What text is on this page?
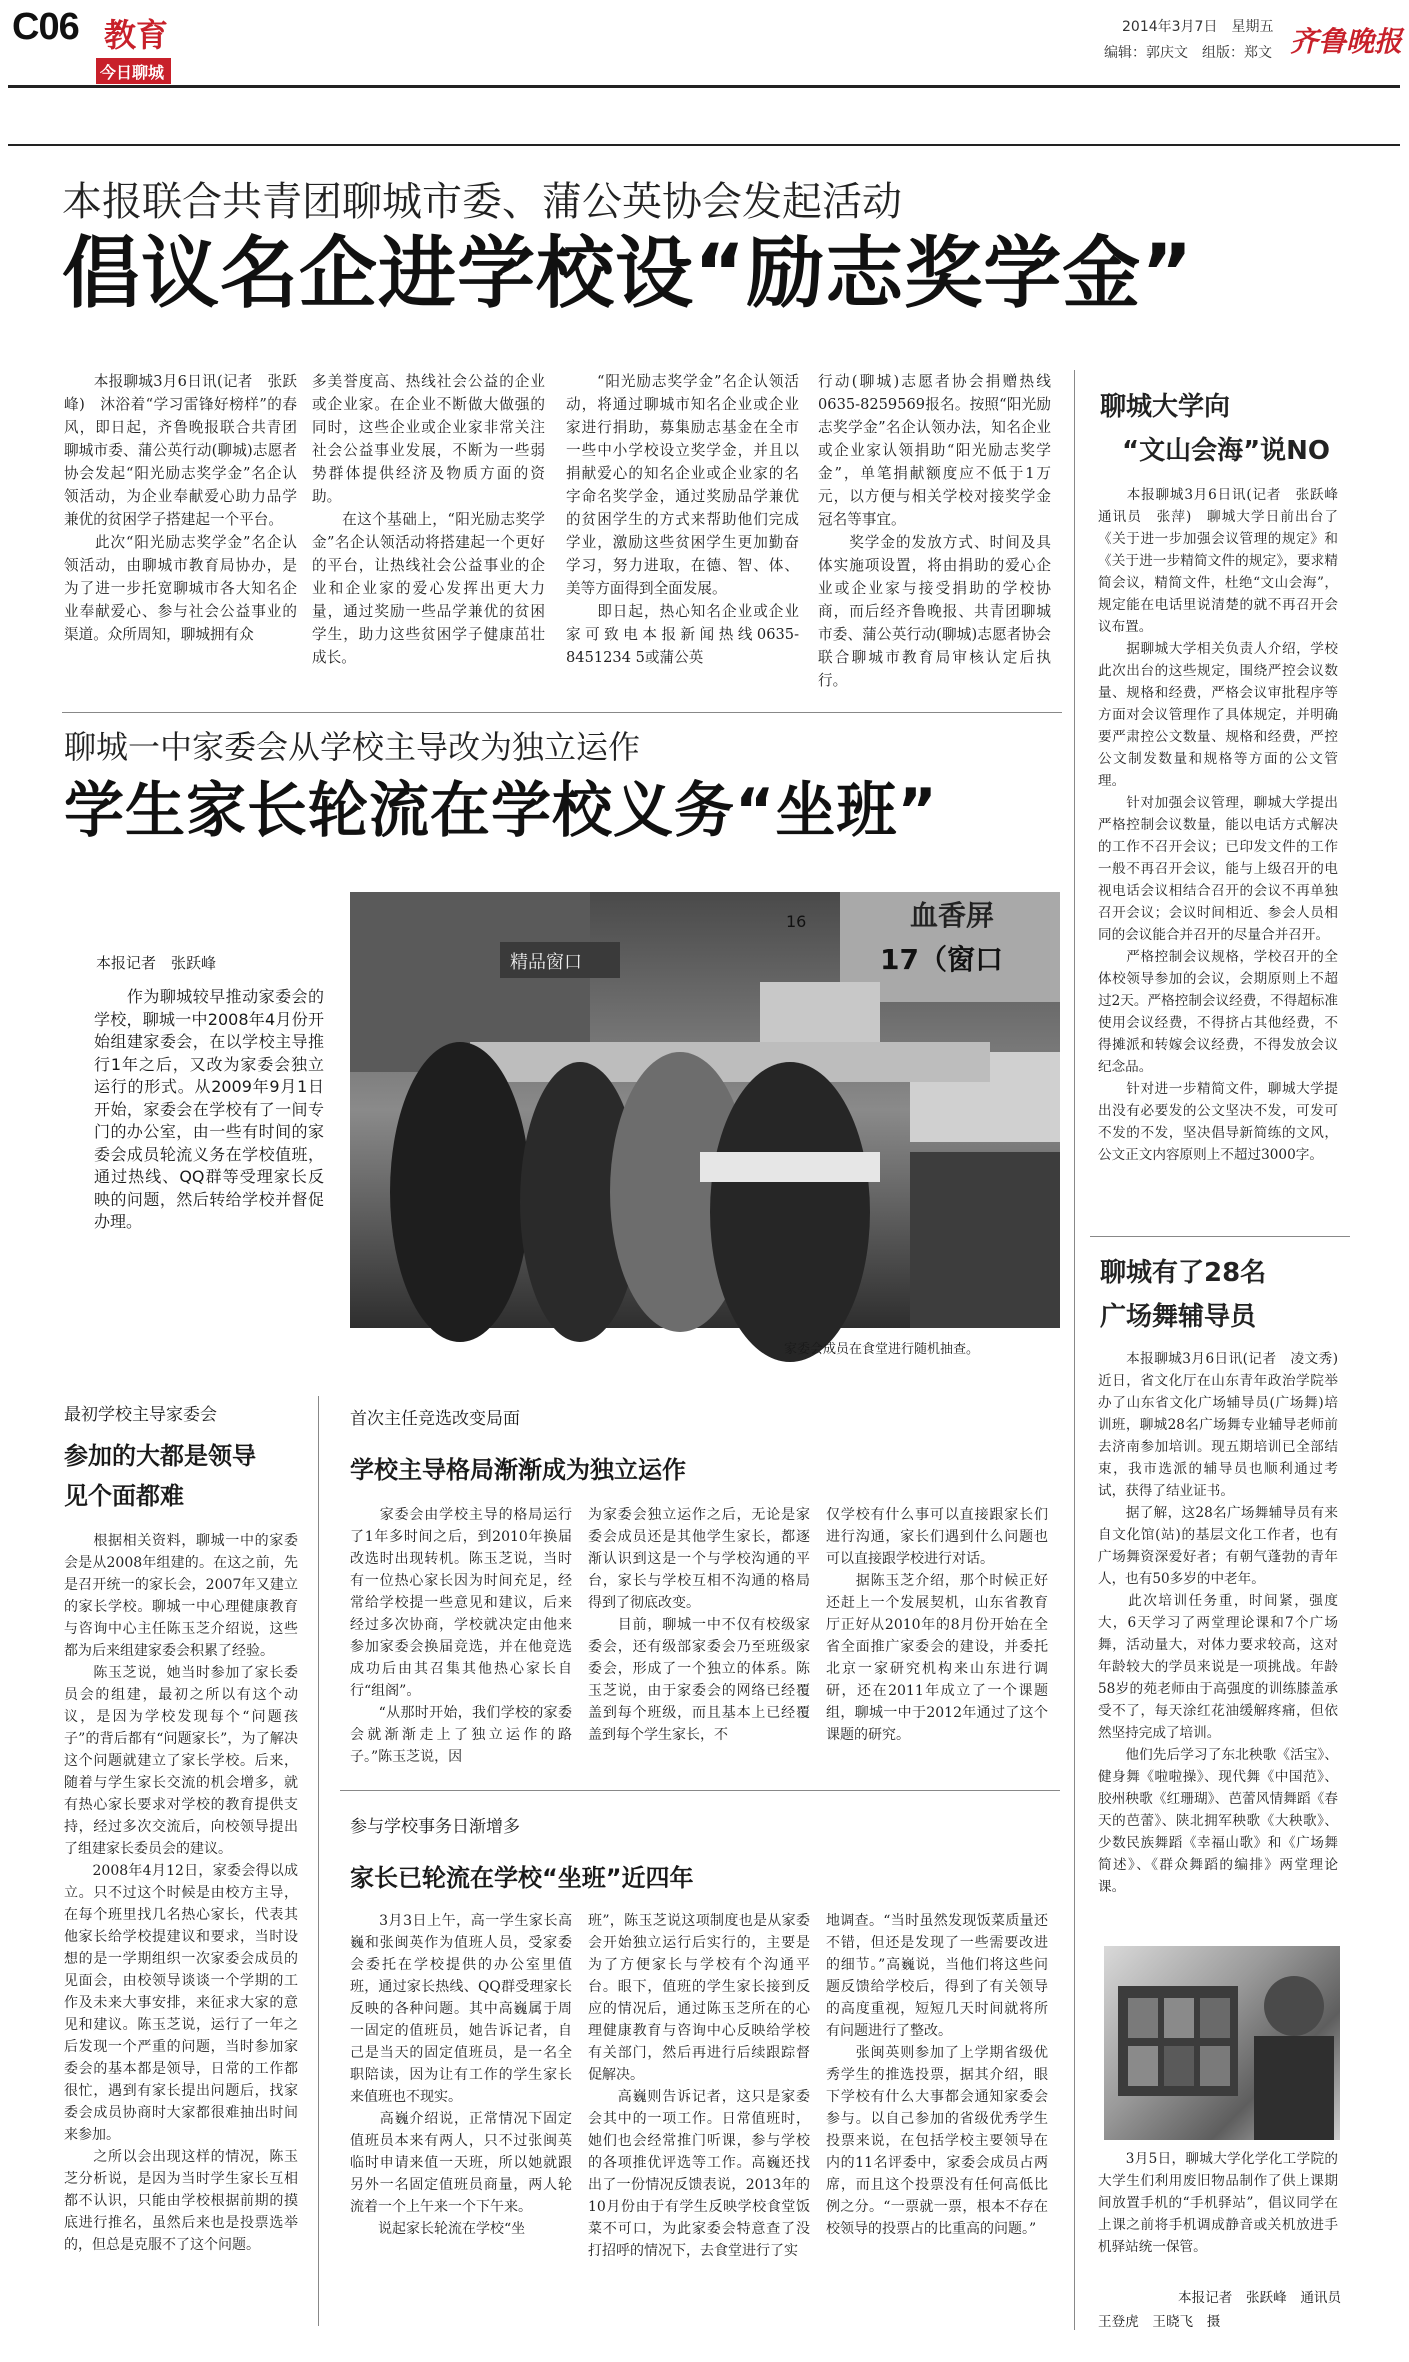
C06 教育
今日聊城
2014年3月7日　星期五
编辑：郭庆文　组版：郑文 齐鲁晚报
本报联合共青团聊城市委、蒲公英协会发起活动
倡议名企进学校设“励志奖学金”
　　本报聊城3月6日讯(记者　张跃峰)　沐浴着“学习雷锋好榜样”的春风，即日起，齐鲁晚报联合共青团聊城市委、蒲公英行动(聊城)志愿者协会发起“阳光励志奖学金”名企认领活动，为企业奉献爱心助力品学兼优的贫困学子搭建起一个平台。
　　此次“阳光励志奖学金”名企认领活动，由聊城市教育局协办，是为了进一步托宽聊城市各大知名企业奉献爱心、参与社会公益事业的渠道。众所周知，聊城拥有众
多美誉度高、热线社会公益的企业或企业家。在企业不断做大做强的同时，这些企业或企业家非常关注社会公益事业发展，不断为一些弱势群体提供经济及物质方面的资助。
　　在这个基础上，“阳光励志奖学金”名企认领活动将搭建起一个更好的平台，让热线社会公益事业的企业和企业家的爱心发挥出更大力量，通过奖励一些品学兼优的贫困学生，助力这些贫困学子健康茁壮成长。
　　“阳光励志奖学金”名企认领活动，将通过聊城市知名企业或企业家进行捐助，募集励志基金在全市一些中小学校设立奖学金，并且以捐献爱心的知名企业或企业家的名字命名奖学金，通过奖励品学兼优的贫困学生的方式来帮助他们完成学业，激励这些贫困学生更加勤奋学习，努力进取，在德、智、体、美等方面得到全面发展。
　　即日起，热心知名企业或企业家可致电本报新闻热线0635-8451234 5或蒲公英
行动(聊城)志愿者协会捐赠热线0635-8259569报名。按照“阳光励志奖学金”名企认领办法，知名企业或企业家认领捐助“阳光励志奖学金”，单笔捐献额度应不低于1万元，以方便与相关学校对接奖学金冠名等事宜。
　　奖学金的发放方式、时间及具体实施项设置，将由捐助的爱心企业或企业家与接受捐助的学校协商，而后经齐鲁晚报、共青团聊城市委、蒲公英行动(聊城)志愿者协会联合聊城市教育局审核认定后执行。
聊城大学向
“文山会海”说NO
　　本报聊城3月6日讯(记者　张跃峰　通讯员　张萍)　聊城大学日前出台了《关于进一步加强会议管理的规定》和《关于进一步精简文件的规定》，要求精简会议，精简文件，杜绝“文山会海”，规定能在电话里说清楚的就不再召开会议布置。
　　据聊城大学相关负责人介绍，学校此次出台的这些规定，围绕严控会议数量、规格和经费，严格会议审批程序等方面对会议管理作了具体规定，并明确要严肃控公文数量、规格和经费，严控公文制发数量和规格等方面的公文管理。
　　针对加强会议管理，聊城大学提出严格控制会议数量，能以电话方式解决的工作不召开会议；已印发文件的工作一般不再召开会议，能与上级召开的电视电话会议相结合召开的会议不再单独召开会议；会议时间相近、参会人员相同的会议能合并召开的尽量合并召开。
　　严格控制会议规格，学校召开的全体校领导参加的会议，会期原则上不超过2天。严格控制会议经费，不得超标准使用会议经费，不得挤占其他经费，不得摊派和转嫁会议经费，不得发放会议纪念品。
　　针对进一步精简文件，聊城大学提出没有必要发的公文坚决不发，可发可不发的不发，坚决倡导新简练的文风，公文正文内容原则上不超过3000字。
聊城有了28名
广场舞辅导员
　　本报聊城3月6日讯(记者　凌文秀)　近日，省文化厅在山东青年政治学院举办了山东省文化广场辅导员(广场舞)培训班，聊城28名广场舞专业辅导老师前去济南参加培训。现五期培训已全部结束，我市选派的辅导员也顺利通过考试，获得了结业证书。
　　据了解，这28名广场舞辅导员有来自文化馆(站)的基层文化工作者，也有广场舞资深爱好者；有朝气蓬勃的青年人，也有50多岁的中老年。
　　此次培训任务重，时间紧，强度大，6天学习了两堂理论课和7个广场舞，活动量大，对体力要求较高，这对年龄较大的学员来说是一项挑战。年龄58岁的苑老师由于高强度的训练膝盖承受不了，每天涂红花油缓解疼痛，但依然坚持完成了培训。
　　他们先后学习了东北秧歌《活宝》、健身舞《啦啦操》、现代舞《中国范》、胶州秧歌《红珊瑚》、芭蕾风情舞蹈《春天的芭蕾》、陕北拥军秧歌《大秧歌》、少数民族舞蹈《幸福山歌》和《广场舞简述》、《群众舞蹈的编排》两堂理论课。
　　3月5日，聊城大学化学化工学院的大学生们利用废旧物品制作了供上课期间放置手机的“手机驿站”，倡议同学在上课之前将手机调成静音或关机放进手机驿站统一保管。
本报记者　张跃峰　通讯员
王登虎　王晓飞　摄
聊城一中家委会从学校主导改为独立运作
学生家长轮流在学校义务“坐班”
本报记者　张跃峰
　　作为聊城较早推动家委会的学校，聊城一中2008年4月份开始组建家委会，在以学校主导推行1年之后，又改为家委会独立运行的形式。从2009年9月1日开始，家委会在学校有了一间专门的办公室，由一些有时间的家委会成员轮流义务在学校值班，通过热线、QQ群等受理家长反映的问题，然后转给学校并督促办理。
精品窗口	17（窗口
血香屏
16
家委会成员在食堂进行随机抽查。
最初学校主导家委会
参加的大都是领导
见个面都难
　　根据相关资料，聊城一中的家委会是从2008年组建的。在这之前，先是召开统一的家长会，2007年又建立的家长学校。聊城一中心理健康教育与咨询中心主任陈玉芝介绍说，这些都为后来组建家委会积累了经验。
　　陈玉芝说，她当时参加了家长委员会的组建，最初之所以有这个动议，是因为学校发现每个“问题孩子”的背后都有“问题家长”，为了解决这个问题就建立了家长学校。后来，随着与学生家长交流的机会增多，就有热心家长要求对学校的教育提供支持，经过多次交流后，向校领导提出了组建家长委员会的建议。
　　2008年4月12日，家委会得以成立。只不过这个时候是由校方主导，在每个班里找几名热心家长，代表其他家长给学校提建议和要求，当时设想的是一学期组织一次家委会成员的见面会，由校领导谈谈一个学期的工作及未来大事安排，来征求大家的意见和建议。陈玉芝说，运行了一年之后发现一个严重的问题，当时参加家委会的基本都是领导，日常的工作都很忙，遇到有家长提出问题后，找家委会成员协商时大家都很难抽出时间来参加。
　　之所以会出现这样的情况，陈玉芝分析说，是因为当时学生家长互相都不认识，只能由学校根据前期的摸底进行推名，虽然后来也是投票选举的，但总是克服不了这个问题。
首次主任竞选改变局面
学校主导格局渐渐成为独立运作
　　家委会由学校主导的格局运行了1年多时间之后，到2010年换届改选时出现转机。陈玉芝说，当时有一位热心家长因为时间充足，经常给学校提一些意见和建议，后来经过多次协商，学校就决定由他来参加家委会换届竞选，并在他竞选成功后由其召集其他热心家长自行“组阁”。
　　“从那时开始，我们学校的家委会就渐渐走上了独立运作的路子。”陈玉芝说，因
为家委会独立运作之后，无论是家委会成员还是其他学生家长，都逐渐认识到这是一个与学校沟通的平台，家长与学校互相不沟通的格局得到了彻底改变。
　　目前，聊城一中不仅有校级家委会，还有级部家委会乃至班级家委会，形成了一个独立的体系。陈玉芝说，由于家委会的网络已经覆盖到每个班级，而且基本上已经覆盖到每个学生家长，不
仅学校有什么事可以直接跟家长们进行沟通，家长们遇到什么问题也可以直接跟学校进行对话。
　　据陈玉芝介绍，那个时候正好还赶上一个发展契机，山东省教育厅正好从2010年的8月份开始在全省全面推广家委会的建设，并委托北京一家研究机构来山东进行调研，还在2011年成立了一个课题组，聊城一中于2012年通过了这个课题的研究。
参与学校事务日渐增多
家长已轮流在学校“坐班”近四年
　　3月3日上午，高一学生家长高巍和张闽英作为值班人员，受家委会委托在学校提供的办公室里值班，通过家长热线、QQ群受理家长反映的各种问题。其中高巍属于周一固定的值班员，她告诉记者，自己是当天的固定值班员，是一名全职陪读，因为让有工作的学生家长来值班也不现实。
　　高巍介绍说，正常情况下固定值班员本来有两人，只不过张闽英临时申请来值一天班，所以她就跟另外一名固定值班员商量，两人轮流着一个上午来一个下午来。
　　说起家长轮流在学校“坐
班”，陈玉芝说这项制度也是从家委会开始独立运行后实行的，主要是为了方便家长与学校有个沟通平台。眼下，值班的学生家长接到反应的情况后，通过陈玉芝所在的心理健康教育与咨询中心反映给学校有关部门，然后再进行后续跟踪督促解决。
　　高巍则告诉记者，这只是家委会其中的一项工作。日常值班时，她们也会经常推门听课，参与学校的各项推优评选等工作。高巍还找出了一份情况反馈表说，2013年的10月份由于有学生反映学校食堂饭菜不可口，为此家委会特意查了没打招呼的情况下，去食堂进行了实
地调查。“当时虽然发现饭菜质量还不错，但还是发现了一些需要改进的细节。”高巍说，当他们将这些问题反馈给学校后，得到了有关领导的高度重视，短短几天时间就将所有问题进行了整改。
　　张闽英则参加了上学期省级优秀学生的推选投票，据其介绍，眼下学校有什么大事都会通知家委会参与。以自己参加的省级优秀学生投票来说，在包括学校主要领导在内的11名评委中，家委会成员占两席，而且这个投票没有任何高低比例之分。“一票就一票，根本不存在校领导的投票占的比重高的问题。”
